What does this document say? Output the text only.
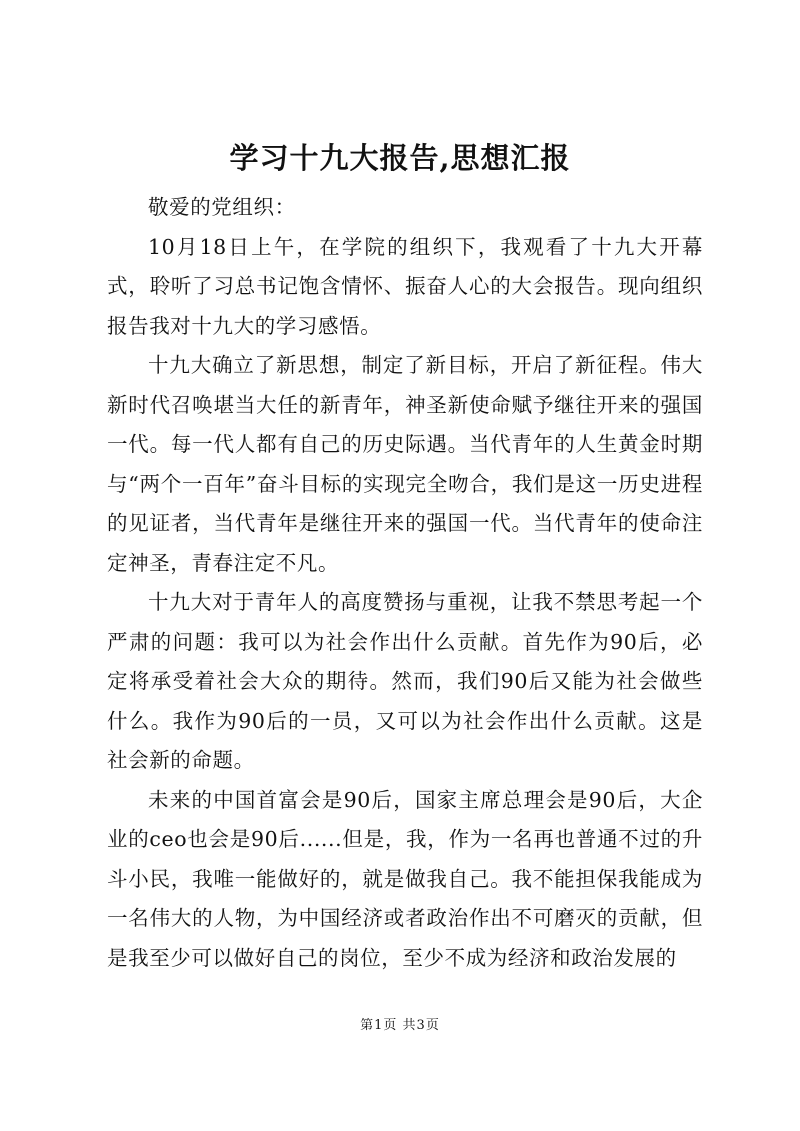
学习十九大报告,思想汇报

敬爱的党组织：

10月18日上午，在学院的组织下，我观看了十九大开幕式，聆听了习总书记饱含情怀、振奋人心的大会报告。现向组织报告我对十九大的学习感悟。

十九大确立了新思想，制定了新目标，开启了新征程。伟大新时代召唤堪当大任的新青年，神圣新使命赋予继往开来的强国一代。每一代人都有自己的历史际遇。当代青年的人生黄金时期与“两个一百年”奋斗目标的实现完全吻合，我们是这一历史进程的见证者，当代青年是继往开来的强国一代。当代青年的使命注定神圣，青春注定不凡。

十九大对于青年人的高度赞扬与重视，让我不禁思考起一个严肃的问题：我可以为社会作出什么贡献。首先作为90后，必定将承受着社会大众的期待。然而，我们90后又能为社会做些什么。我作为90后的一员，又可以为社会作出什么贡献。这是社会新的命题。

未来的中国首富会是90后，国家主席总理会是90后，大企业的ceo也会是90后......但是，我，作为一名再也普通不过的升斗小民，我唯一能做好的，就是做我自己。我不能担保我能成为一名伟大的人物，为中国经济或者政治作出不可磨灭的贡献，但是我至少可以做好自己的岗位，至少不成为经济和政治发展的

第1页 共3页
